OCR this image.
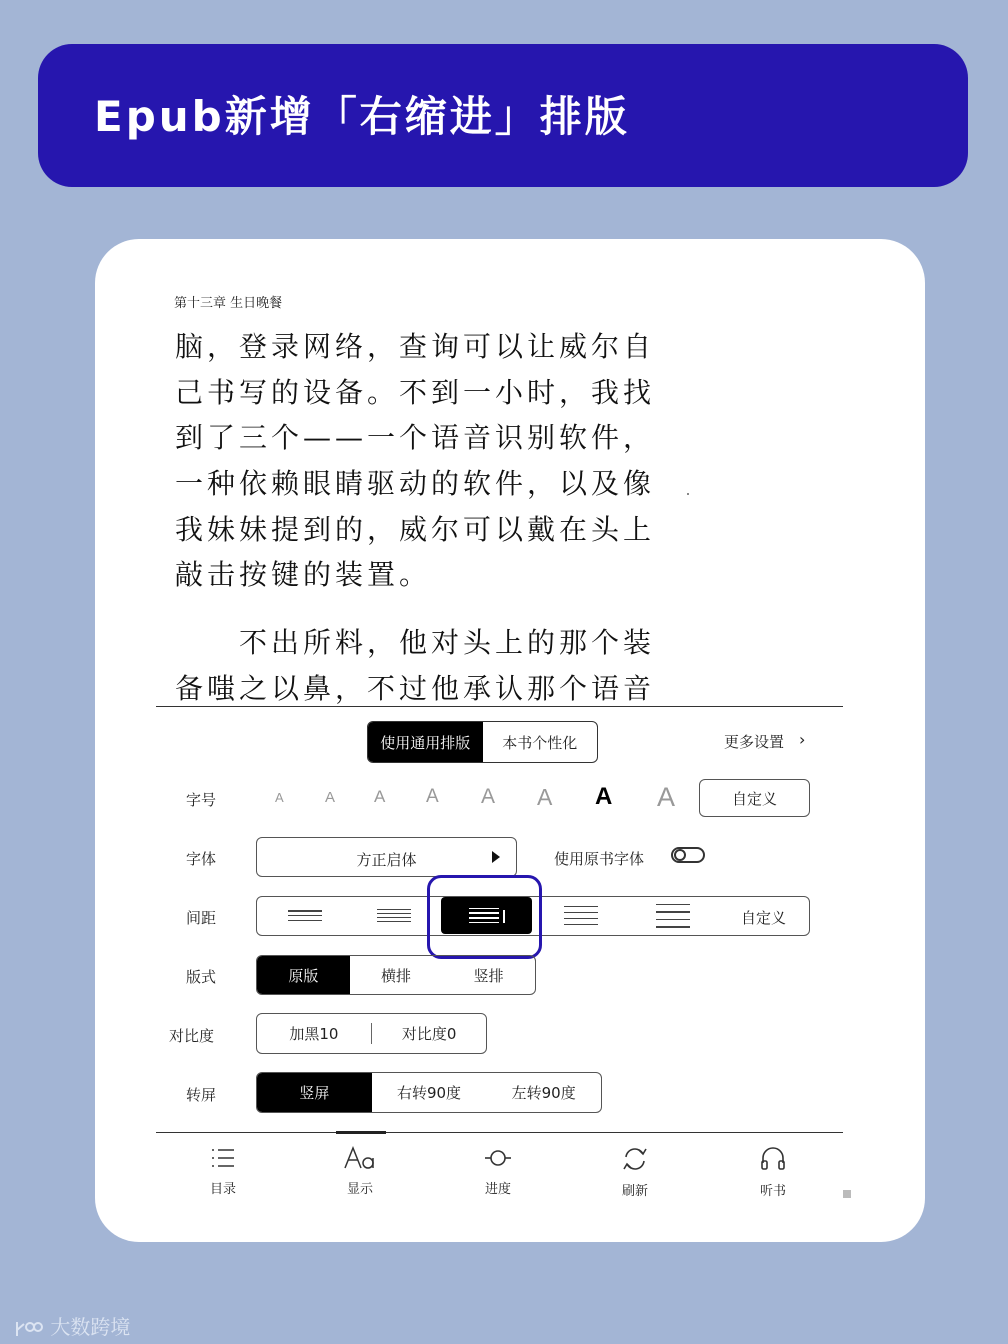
Epub新增「右缩进」排版
第十三章 生日晚餐
脑，登录网络，查询可以让威尔自
己书写的设备。不到一小时，我找
到了三个——一个语音识别软件，
一种依赖眼睛驱动的软件，以及像
我妹妹提到的，威尔可以戴在头上
敲击按键的装置。
　　不出所料，他对头上的那个装
备嗤之以鼻，不过他承认那个语音
使用通用排版	本书个性化	更多设置 ›
字号	A	A A A A A A A	自定义
字体	方正启体	使用原书字体
间距	自定义
版式	原版	横排	竖排
对比度	加黑10	对比度0
转屏	竖屏	右转90度	左转90度
目录	显示	进度	刷新	听书
大数跨境
